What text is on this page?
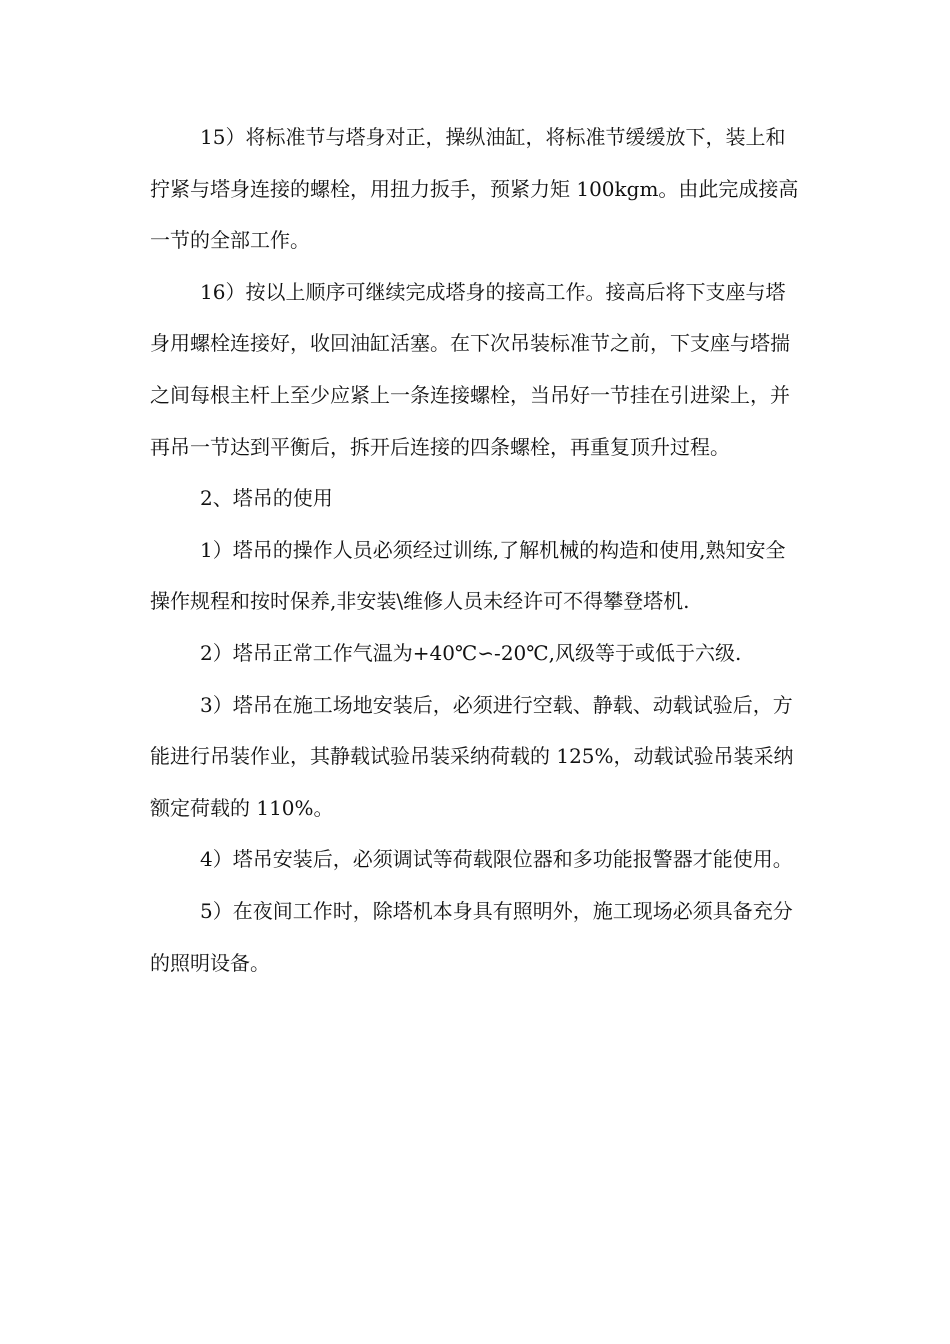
15）将标准节与塔身对正，操纵油缸，将标准节缓缓放下，装上和拧紧与塔身连接的螺栓，用扭力扳手，预紧力矩 100kgm。由此完成接高一节的全部工作。

16）按以上顺序可继续完成塔身的接高工作。接高后将下支座与塔身用螺栓连接好，收回油缸活塞。在下次吊装标准节之前，下支座与塔揣之间每根主杆上至少应紧上一条连接螺栓，当吊好一节挂在引进梁上，并再吊一节达到平衡后，拆开后连接的四条螺栓，再重复顶升过程。

2、塔吊的使用

1）塔吊的操作人员必须经过训练,了解机械的构造和使用,熟知安全操作规程和按时保养,非安装\维修人员未经许可不得攀登塔机.

2）塔吊正常工作气温为+40℃∽-20℃,风级等于或低于六级.

3）塔吊在施工场地安装后，必须进行空载、静载、动载试验后，方能进行吊装作业，其静载试验吊装采纳荷载的 125%，动载试验吊装采纳额定荷载的 110%。

4）塔吊安装后，必须调试等荷载限位器和多功能报警器才能使用。

5）在夜间工作时，除塔机本身具有照明外，施工现场必须具备充分的照明设备。
